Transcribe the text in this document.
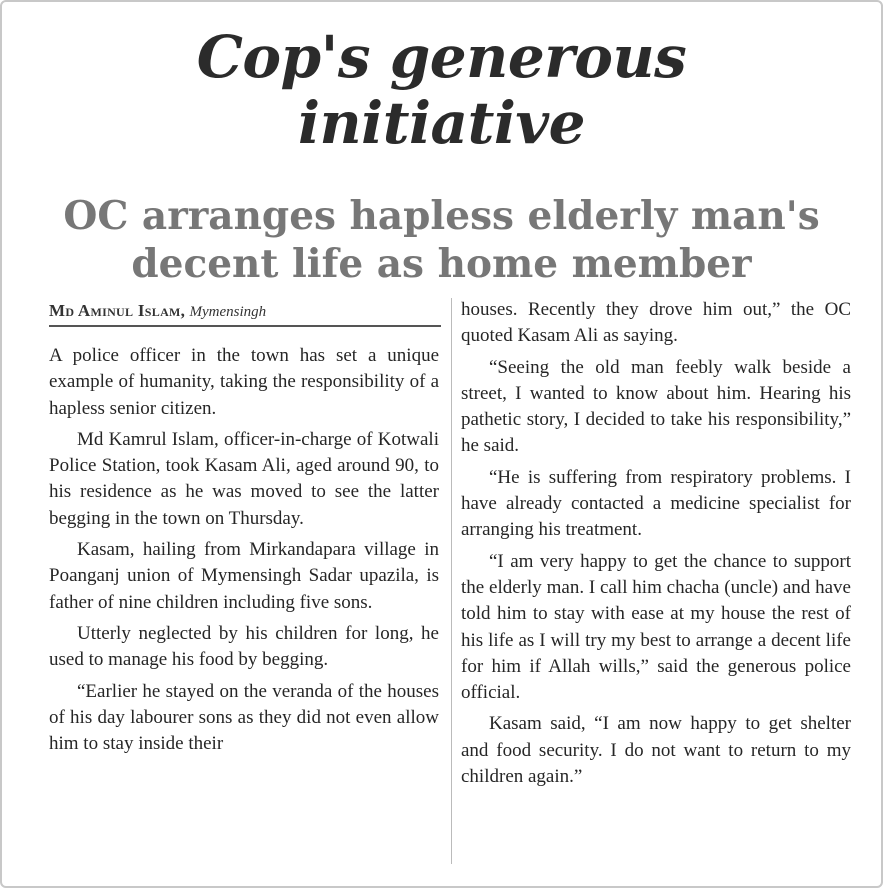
Cop's generous
initiative
OC arranges hapless elderly man's
decent life as home member
Md Aminul Islam, Mymensingh

A police officer in the town has set a unique example of humanity, taking the responsibility of a hapless senior citizen.

Md Kamrul Islam, officer-in-charge of Kotwali Police Station, took Kasam Ali, aged around 90, to his residence as he was moved to see the latter begging in the town on Thursday.

Kasam, hailing from Mirkandapara village in Poanganj union of Mymensingh Sadar upazila, is father of nine children including five sons.

Utterly neglected by his children for long, he used to manage his food by begging.

“Earlier he stayed on the veranda of the houses of his day labourer sons as they did not even allow him to stay inside their

houses. Recently they drove him out,” the OC quoted Kasam Ali as saying.

“Seeing the old man feebly walk beside a street, I wanted to know about him. Hearing his pathetic story, I decided to take his responsibility,” he said.

“He is suffering from respiratory problems. I have already contacted a medicine specialist for arranging his treatment.

“I am very happy to get the chance to support the elderly man. I call him chacha (uncle) and have told him to stay with ease at my house the rest of his life as I will try my best to arrange a decent life for him if Allah wills,” said the generous police official.

Kasam said, “I am now happy to get shelter and food security. I do not want to return to my children again.”
